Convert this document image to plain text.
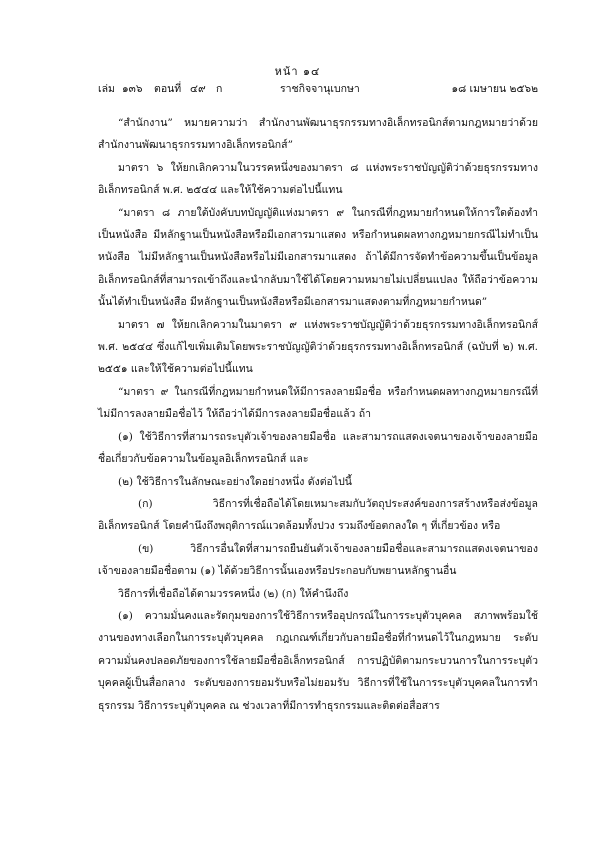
หน้า ๑๔
เล่ม ๑๓๖ ตอนที่ ๔๙ ก	ราชกิจจานุเบกษา	๑๘ เมษายน ๒๕๖๒

“สำนักงาน” หมายความว่า สำนักงานพัฒนาธุรกรรมทางอิเล็กทรอนิกส์ตามกฎหมายว่าด้วยสำนักงานพัฒนาธุรกรรมทางอิเล็กทรอนิกส์”

มาตรา ๖ ให้ยกเลิกความในวรรคหนึ่งของมาตรา ๘ แห่งพระราชบัญญัติว่าด้วยธุรกรรมทางอิเล็กทรอนิกส์ พ.ศ. ๒๕๔๔ และให้ใช้ความต่อไปนี้แทน

“มาตรา ๘ ภายใต้บังคับบทบัญญัติแห่งมาตรา ๙ ในกรณีที่กฎหมายกำหนดให้การใดต้องทำเป็นหนังสือ มีหลักฐานเป็นหนังสือหรือมีเอกสารมาแสดง หรือกำหนดผลทางกฎหมายกรณีไม่ทำเป็นหนังสือ ไม่มีหลักฐานเป็นหนังสือหรือไม่มีเอกสารมาแสดง ถ้าได้มีการจัดทำข้อความขึ้นเป็นข้อมูลอิเล็กทรอนิกส์ที่สามารถเข้าถึงและนำกลับมาใช้ได้โดยความหมายไม่เปลี่ยนแปลง ให้ถือว่าข้อความนั้นได้ทำเป็นหนังสือ มีหลักฐานเป็นหนังสือหรือมีเอกสารมาแสดงตามที่กฎหมายกำหนด”

มาตรา ๗ ให้ยกเลิกความในมาตรา ๙ แห่งพระราชบัญญัติว่าด้วยธุรกรรมทางอิเล็กทรอนิกส์ พ.ศ. ๒๕๔๔ ซึ่งแก้ไขเพิ่มเติมโดยพระราชบัญญัติว่าด้วยธุรกรรมทางอิเล็กทรอนิกส์ (ฉบับที่ ๒) พ.ศ. ๒๕๕๑ และให้ใช้ความต่อไปนี้แทน

“มาตรา ๙ ในกรณีที่กฎหมายกำหนดให้มีการลงลายมือชื่อ หรือกำหนดผลทางกฎหมายกรณีที่ไม่มีการลงลายมือชื่อไว้ ให้ถือว่าได้มีการลงลายมือชื่อแล้ว ถ้า

(๑) ใช้วิธีการที่สามารถระบุตัวเจ้าของลายมือชื่อ และสามารถแสดงเจตนาของเจ้าของลายมือชื่อเกี่ยวกับข้อความในข้อมูลอิเล็กทรอนิกส์ และ

(๒) ใช้วิธีการในลักษณะอย่างใดอย่างหนึ่ง ดังต่อไปนี้

(ก) วิธีการที่เชื่อถือได้โดยเหมาะสมกับวัตถุประสงค์ของการสร้างหรือส่งข้อมูลอิเล็กทรอนิกส์ โดยคำนึงถึงพฤติการณ์แวดล้อมทั้งปวง รวมถึงข้อตกลงใด ๆ ที่เกี่ยวข้อง หรือ

(ข) วิธีการอื่นใดที่สามารถยืนยันตัวเจ้าของลายมือชื่อและสามารถแสดงเจตนาของเจ้าของลายมือชื่อตาม (๑) ได้ด้วยวิธีการนั้นเองหรือประกอบกับพยานหลักฐานอื่น

วิธีการที่เชื่อถือได้ตามวรรคหนึ่ง (๒) (ก) ให้คำนึงถึง

(๑) ความมั่นคงและรัดกุมของการใช้วิธีการหรืออุปกรณ์ในการระบุตัวบุคคล สภาพพร้อมใช้งานของทางเลือกในการระบุตัวบุคคล กฎเกณฑ์เกี่ยวกับลายมือชื่อที่กำหนดไว้ในกฎหมาย ระดับความมั่นคงปลอดภัยของการใช้ลายมือชื่ออิเล็กทรอนิกส์ การปฏิบัติตามกระบวนการในการระบุตัวบุคคลผู้เป็นสื่อกลาง ระดับของการยอมรับหรือไม่ยอมรับ วิธีการที่ใช้ในการระบุตัวบุคคลในการทำธุรกรรม วิธีการระบุตัวบุคคล ณ ช่วงเวลาที่มีการทำธุรกรรมและติดต่อสื่อสาร
